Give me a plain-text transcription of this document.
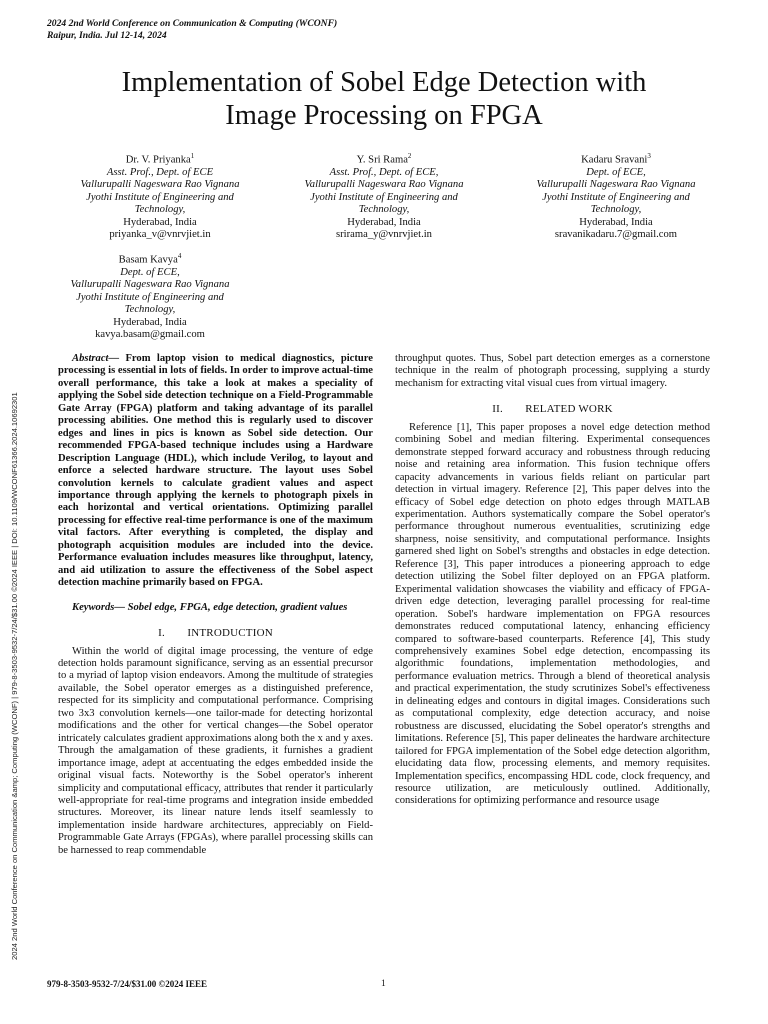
2024 2nd World Conference on Communication & Computing (WCONF)
Raipur, India. Jul 12-14, 2024
Implementation of Sobel Edge Detection with
Image Processing on FPGA
Dr. V. Priyanka$^1$
Asst. Prof., Dept. of ECE
Vallurupalli Nageswara Rao Vignana
Jyothi Institute of Engineering and
Technology,
Hyderabad, India
priyanka_v@vnrvjiet.in
Y. Sri Rama$^2$
Asst. Prof., Dept. of ECE,
Vallurupalli Nageswara Rao Vignana
Jyothi Institute of Engineering and
Technology,
Hyderabad, India
srirama_y@vnrvjiet.in
Kadaru Sravani$^3$
Dept. of ECE,
Vallurupalli Nageswara Rao Vignana
Jyothi Institute of Engineering and
Technology,
Hyderabad, India
sravanikadaru.7@gmail.com
Basam Kavya$^4$
Dept. of ECE,
Vallurupalli Nageswara Rao Vignana
Jyothi Institute of Engineering and
Technology,
Hyderabad, India
kavya.basam@gmail.com
2024 2nd World Conference on Communication &amp; Computing (WCONF) | 979-8-3503-9532-7/24/$31.00 ©2024 IEEE | DOI: 10.1109/WCONF61366.2024.10692301

Abstract— From laptop vision to medical diagnostics, picture processing is essential in lots of fields. In order to improve actual-time overall performance, this take a look at makes a speciality of applying the Sobel side detection technique on a Field-Programmable Gate Array (FPGA) platform and taking advantage of its parallel processing abilities. One method this is regularly used to discover edges and lines in pics is known as Sobel side detection. Our recommended FPGA-based technique includes using a Hardware Description Language (HDL), which include Verilog, to layout and enforce a selected hardware structure. The layout uses Sobel convolution kernels to calculate gradient values and aspect importance through applying the kernels to photograph pixels in each horizontal and vertical orientations. Optimizing parallel processing for effective real-time performance is one of the maximum vital factors. After everything is completed, the display and photograph acquisition modules are included into the device. Performance evaluation includes measures like throughput, latency, and aid utilization to assure the effectiveness of the Sobel aspect detection machine primarily based on FPGA.

Keywords— Sobel edge, FPGA, edge detection, gradient values

I.  INTRODUCTION

Within the world of digital image processing, the venture of edge detection holds paramount significance, serving as an essential precursor to a myriad of laptop vision endeavors. Among the multitude of strategies available, the Sobel operator emerges as a distinguished preference, respected for its simplicity and computational performance. Comprising two 3x3 convolution kernels—one tailor-made for detecting horizontal modifications and the other for vertical changes—the Sobel operator intricately calculates gradient approximations along both the x and y axes. Through the amalgamation of these gradients, it furnishes a gradient importance image, adept at accentuating the edges embedded inside the original visual facts. Noteworthy is the Sobel operator's inherent simplicity and computational efficacy, attributes that render it particularly well-appropriate for real-time programs and integration inside embedded structures. Moreover, its linear nature lends itself seamlessly to implementation inside hardware architectures, appreciably on Field-Programmable Gate Arrays (FPGAs), where parallel processing skills can be harnessed to reap commendable

throughput quotes. Thus, Sobel part detection emerges as a cornerstone technique in the realm of photograph processing, supplying a sturdy mechanism for extracting vital visual cues from virtual imagery.

II.  RELATED WORK

Reference [1], This paper proposes a novel edge detection method combining Sobel and median filtering. Experimental consequences demonstrate stepped forward accuracy and robustness through reducing noise and retaining area information. This fusion technique offers capacity advancements in various fields reliant on particular part detection in virtual imagery. Reference [2], This paper delves into the efficacy of Sobel edge detection on photo edges through MATLAB experimentation. Authors systematically compare the Sobel operator's performance throughout numerous eventualities, scrutinizing edge sharpness, noise sensitivity, and computational performance. Insights garnered shed light on Sobel's strengths and obstacles in edge detection. Reference [3], This paper introduces a pioneering approach to edge detection utilizing the Sobel filter deployed on an FPGA platform. Experimental validation showcases the viability and efficacy of FPGA-driven edge detection, leveraging parallel processing for real-time operation. Sobel's hardware implementation on FPGA resources demonstrates reduced computational latency, enhancing efficiency compared to software-based counterparts. Reference [4], This study comprehensively examines Sobel edge detection, encompassing its algorithmic foundations, implementation methodologies, and performance evaluation metrics. Through a blend of theoretical analysis and practical experimentation, the study scrutinizes Sobel's effectiveness in delineating edges and contours in digital images. Considerations such as computational complexity, edge detection accuracy, and noise robustness are discussed, elucidating the Sobel operator's strengths and limitations. Reference [5], This paper delineates the hardware architecture tailored for FPGA implementation of the Sobel edge detection algorithm, elucidating data flow, processing elements, and memory requisites. Implementation specifics, encompassing HDL code, clock frequency, and resource utilization, are meticulously outlined. Additionally, considerations for optimizing performance and resource usage

979-8-3503-9532-7/24/$31.00 ©2024 IEEE	1
